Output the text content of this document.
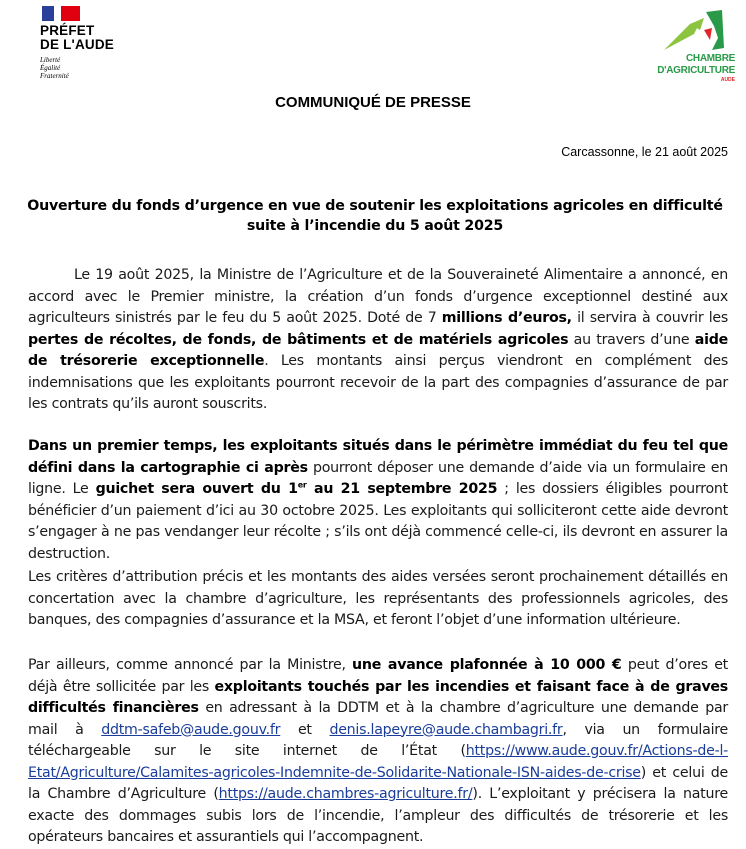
PRÉFET
DE L'AUDE
Liberté
Égalité
Fraternité
CHAMBRE
D'AGRICULTURE
AUDE
COMMUNIQUÉ DE PRESSE
Carcassonne, le 21 août 2025
Ouverture du fonds d’urgence en vue de soutenir les exploitations agricoles en difficulté
suite à l’incendie du 5 août 2025
Le 19 août 2025, la Ministre de l’Agriculture et de la Souveraineté Alimentaire a annoncé, en accord avec le Premier ministre, la création d’un fonds d’urgence exceptionnel destiné aux agriculteurs sinistrés par le feu du 5 août 2025. Doté de 7 millions d’euros, il servira à couvrir les pertes de récoltes, de fonds, de bâtiments et de matériels agricoles au travers d’une aide de trésorerie exceptionnelle. Les montants ainsi perçus viendront en complément des indemnisations que les exploitants pourront recevoir de la part des compagnies d’assurance de par les contrats qu’ils auront souscrits.
Dans un premier temps, les exploitants situés dans le périmètre immédiat du feu tel que défini dans la cartographie ci après pourront déposer une demande d’aide via un formulaire en ligne. Le guichet sera ouvert du 1er au 21 septembre 2025 ; les dossiers éligibles pourront bénéficier d’un paiement d’ici au 30 octobre 2025. Les exploitants qui solliciteront cette aide devront s’engager à ne pas vendanger leur récolte ; s’ils ont déjà commencé celle-ci, ils devront en assurer la destruction.
Les critères d’attribution précis et les montants des aides versées seront prochainement détaillés en concertation avec la chambre d’agriculture, les représentants des professionnels agricoles, des banques, des compagnies d’assurance et la MSA, et feront l’objet d’une information ultérieure.
Par ailleurs, comme annoncé par la Ministre, une avance plafonnée à 10 000 € peut d’ores et déjà être sollicitée par les exploitants touchés par les incendies et faisant face à de graves difficultés financières en adressant à la DDTM et à la chambre d’agriculture une demande par mail à ddtm-safeb@aude.gouv.fr et denis.lapeyre@aude.chambagri.fr, via un formulaire téléchargeable sur le site internet de l’État (https://www.aude.gouv.fr/Actions-de-l-Etat/Agriculture/Calamites-agricoles-Indemnite-de-Solidarite-Nationale-ISN-aides-de-crise) et celui de la Chambre d’Agriculture (https://aude.chambres-agriculture.fr/). L’exploitant y précisera la nature exacte des dommages subis lors de l’incendie, l’ampleur des difficultés de trésorerie et les opérateurs bancaires et assurantiels qui l’accompagnent.
